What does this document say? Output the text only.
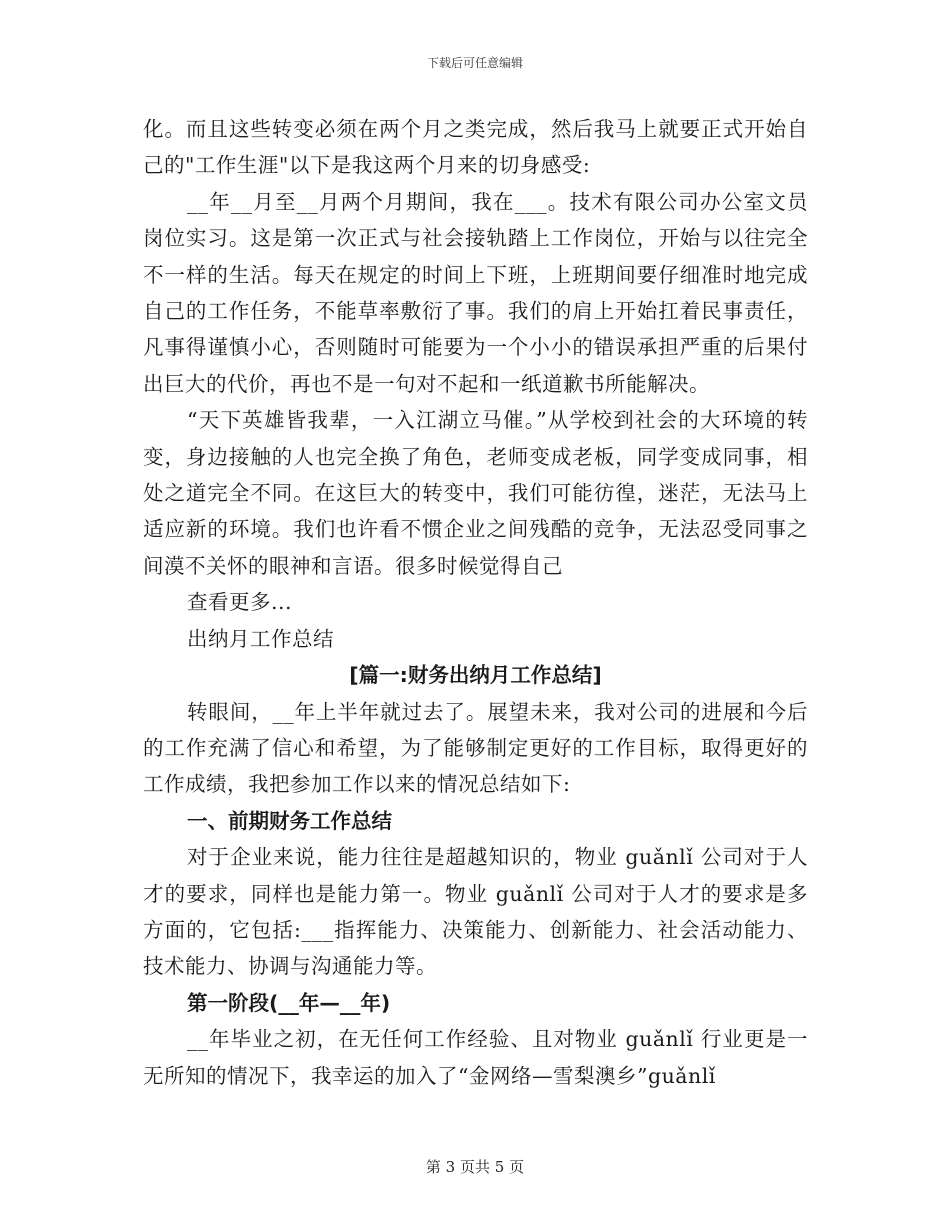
下载后可任意编辑

化。而且这些转变必须在两个月之类完成，然后我马上就要正式开始自己的"工作生涯"以下是我这两个月来的切身感受:

__年__月至__月两个月期间，我在___。技术有限公司办公室文员岗位实习。这是第一次正式与社会接轨踏上工作岗位，开始与以往完全不一样的生活。每天在规定的时间上下班，上班期间要仔细准时地完成自己的工作任务，不能草率敷衍了事。我们的肩上开始扛着民事责任，凡事得谨慎小心，否则随时可能要为一个小小的错误承担严重的后果付出巨大的代价，再也不是一句对不起和一纸道歉书所能解决。

“天下英雄皆我辈，一入江湖立马催。”从学校到社会的大环境的转变，身边接触的人也完全换了角色，老师变成老板，同学变成同事，相处之道完全不同。在这巨大的转变中，我们可能彷徨，迷茫，无法马上适应新的环境。我们也许看不惯企业之间残酷的竞争，无法忍受同事之间漠不关怀的眼神和言语。很多时候觉得自己

查看更多...

出纳月工作总结

[篇一:财务出纳月工作总结]

转眼间，__年上半年就过去了。展望未来，我对公司的进展和今后的工作充满了信心和希望，为了能够制定更好的工作目标，取得更好的工作成绩，我把参加工作以来的情况总结如下:

一、前期财务工作总结

对于企业来说，能力往往是超越知识的，物业 guǎnlǐ 公司对于人才的要求，同样也是能力第一。物业 guǎnlǐ 公司对于人才的要求是多方面的，它包括:___指挥能力、决策能力、创新能力、社会活动能力、技术能力、协调与沟通能力等。

第一阶段(__年—__年)

__年毕业之初，在无任何工作经验、且对物业 guǎnlǐ 行业更是一无所知的情况下，我幸运的加入了“金网络—雪梨澳乡”guǎnlǐ

第 3 页共 5 页
